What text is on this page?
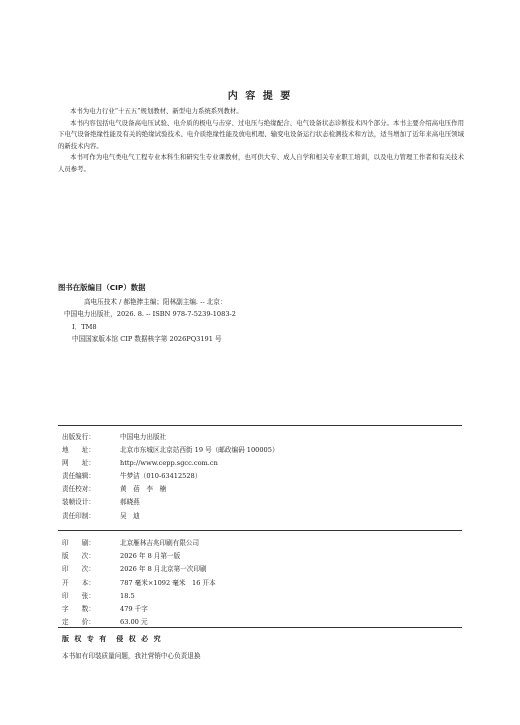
内 容 提 要

本书为电力行业“十五五”规划教材、新型电力系统系列教材。

本书内容包括电气设备高电压试验、电介质的极电与击穿、过电压与绝缘配合、电气设备状态诊断技术四个部分。本书主要介绍高电压作用下电气设备绝缘性能及有关的绝缘试验技术、电介质绝缘性能及放电机理、输变电设备运行状态检测技术和方法，适当增加了近年来高电压领域的新技术内容。

本书可作为电气类电气工程专业本科生和研究生专业课教材，也可供大专、成人自学和相关专业职工培训，以及电力管理工作者和有关技术人员参考。

图书在版编目（CIP）数据
高电压技术 / 郝艳捧主编；阳林副主编. -- 北京：
中国电力出版社，2026. 8. -- ISBN 978-7-5239-1083-2
Ⅰ．TM8
中国国家版本馆 CIP 数据核字第 2026PQ3191 号
出版发行：	中国电力出版社
地　　址：	北京市东城区北京站西街 19 号（邮政编码 100005）
网　　址：	http://www.cepp.sgcc.com.cn
责任编辑：	牛梦洁（010-63412528）
责任校对：	黄　蓓　李　楠
装帧设计：	郝晓燕
责任印制：	吴　迪
印　　刷：	北京雁林吉兆印刷有限公司
版　　次：	2026 年 8 月第一版
印　　次：	2026 年 8 月北京第一次印刷
开　　本：	787 毫米×1092 毫米　16 开本
印　　张：	18.5
字　　数：	479 千字
定　　价：	63.00 元
版 权 专 有　侵 权 必 究
本书如有印装质量问题，我社营销中心负责退换
